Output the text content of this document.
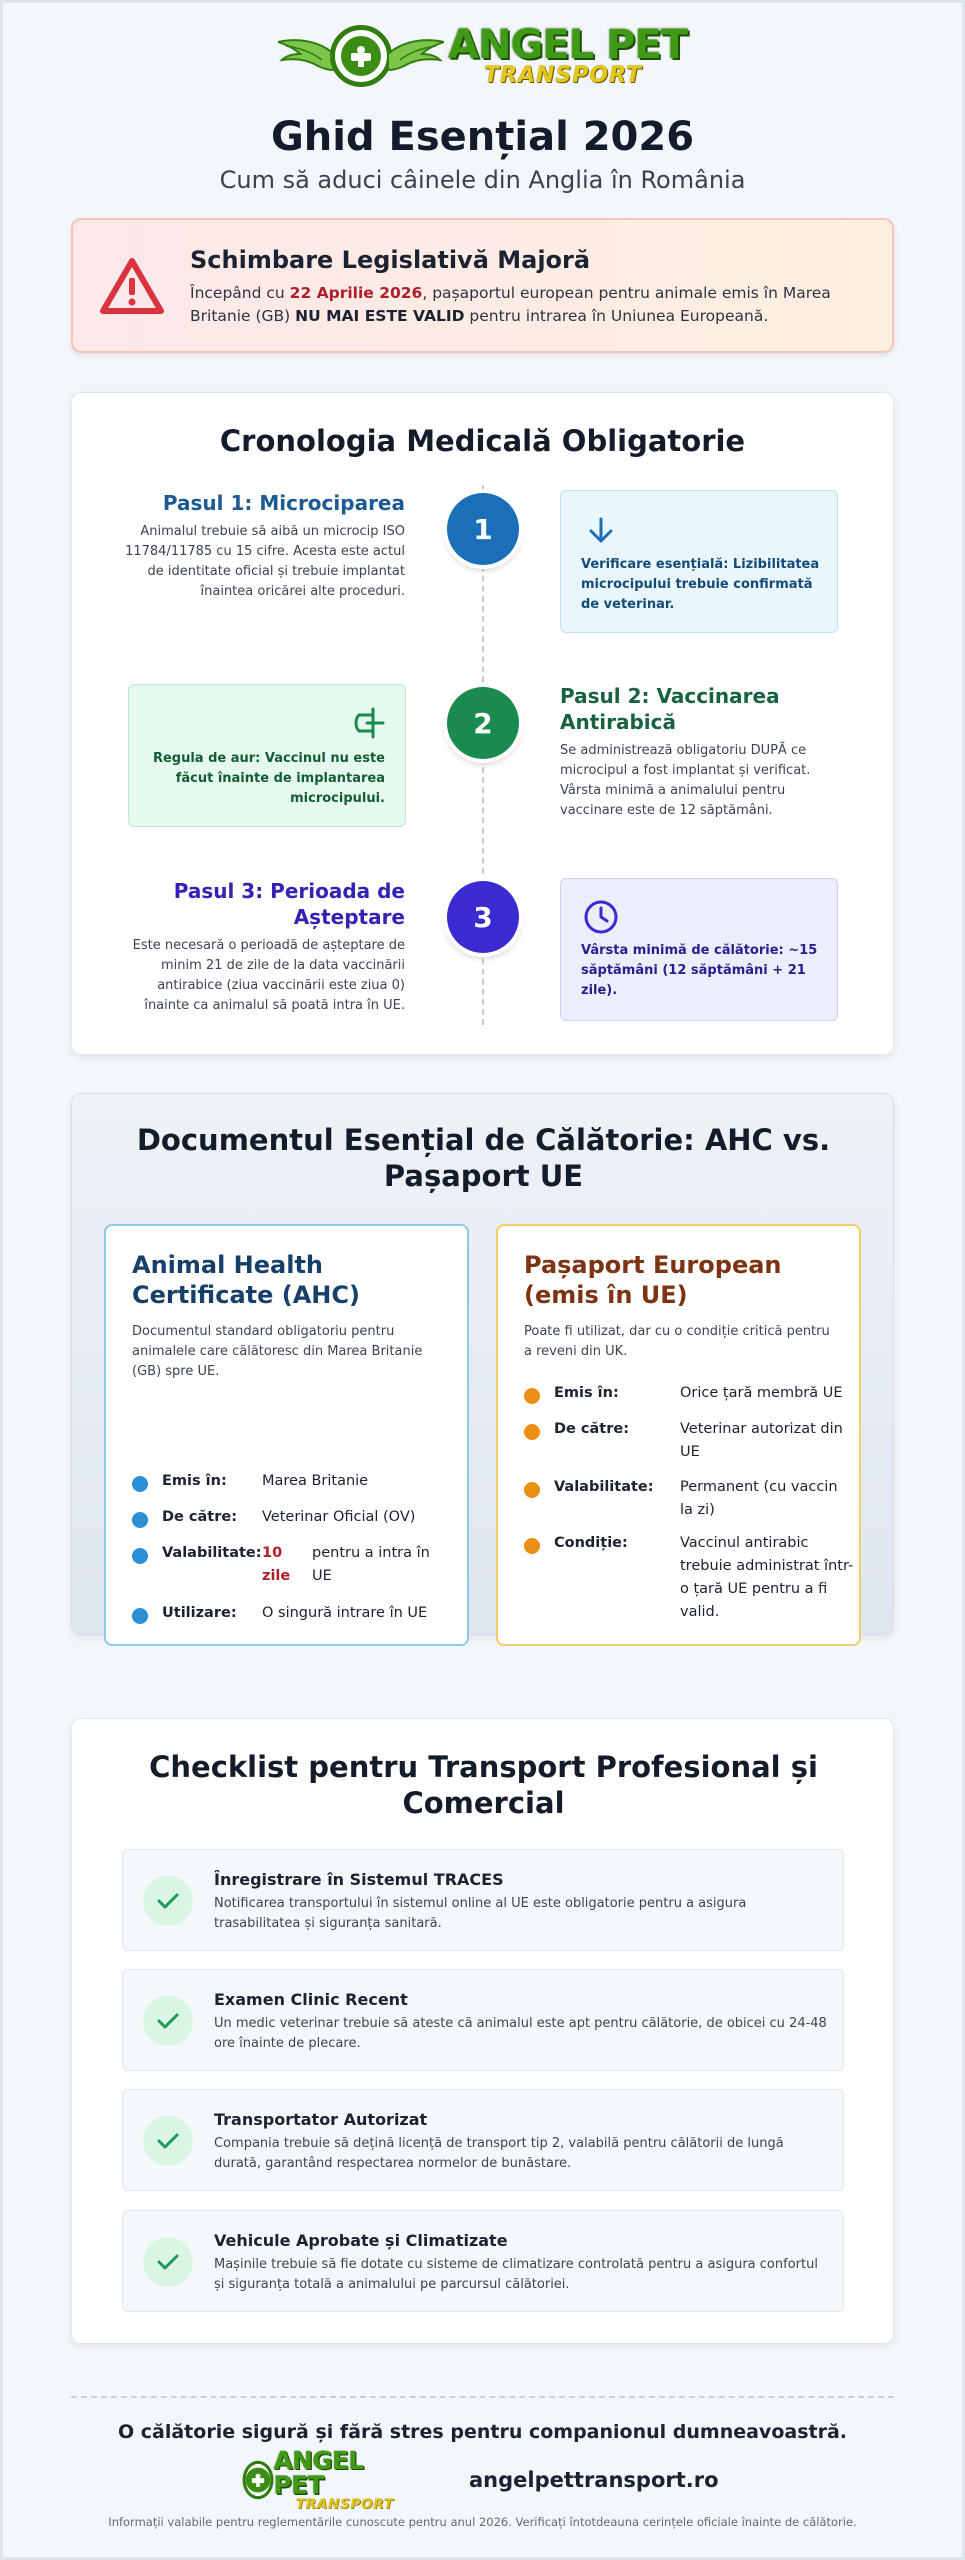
ANGEL PET
TRANSPORT
Ghid Esențial 2026
Cum să aduci câinele din Anglia în România
Schimbare Legislativă Majoră
Începând cu 22 Aprilie 2026, pașaportul european pentru animale emis în Marea Britanie (GB) NU MAI ESTE VALID pentru intrarea în Uniunea Europeană.
Cronologia Medicală Obligatorie
Pasul 1: Microciparea
Animalul trebuie să aibă un microcip ISO 11784/11785 cu 15 cifre. Acesta este actul de identitate oficial și trebuie implantat înaintea oricărei alte proceduri.
1
Verificare esențială: Lizibilitatea microcipului trebuie confirmată de veterinar.
Regula de aur: Vaccinul nu este făcut înainte de implantarea microcipului.
2
Pasul 2: Vaccinarea Antirabică
Se administrează obligatoriu DUPĂ ce microcipul a fost implantat și verificat. Vârsta minimă a animalului pentru vaccinare este de 12 săptămâni.
Pasul 3: Perioada de Așteptare
Este necesară o perioadă de așteptare de minim 21 de zile de la data vaccinării antirabice (ziua vaccinării este ziua 0) înainte ca animalul să poată intra în UE.
3
Vârsta minimă de călătorie: ~15 săptămâni (12 săptămâni + 21 zile).
Documentul Esențial de Călătorie: AHC vs. Pașaport UE
Animal Health Certificate (AHC)
Documentul standard obligatoriu pentru animalele care călătoresc din Marea Britanie (GB) spre UE.
Emis în: Marea Britanie
De către: Veterinar Oficial (OV)
Valabilitate: 10 zile
pentru a intra în UE
Utilizare: O singură intrare în UE
Pașaport European (emis în UE)
Poate fi utilizat, dar cu o condiție critică pentru a reveni din UK.
Emis în:	Orice țară membră UE
De către:	Veterinar autorizat din UE
Valabilitate: Permanent (cu vaccin la zi)
Condiție:	Vaccinul antirabic trebuie administrat într-o țară UE pentru a fi valid.
Checklist pentru Transport Profesional și Comercial
Înregistrare în Sistemul TRACES
Notificarea transportului în sistemul online al UE este obligatorie pentru a asigura trasabilitatea și siguranța sanitară.
Examen Clinic Recent
Un medic veterinar trebuie să ateste că animalul este apt pentru călătorie, de obicei cu 24-48 ore înainte de plecare.
Transportator Autorizat
Compania trebuie să dețină licență de transport tip 2, valabilă pentru călătorii de lungă durată, garantând respectarea normelor de bunăstare.
Vehicule Aprobate și Climatizate
Mașinile trebuie să fie dotate cu sisteme de climatizare controlată pentru a asigura confortul și siguranța totală a animalului pe parcursul călătoriei.
O călătorie sigură și fără stres pentru companionul dumneavoastră.
ANGEL PET
TRANSPORT
angelpettransport.ro
Informații valabile pentru reglementările cunoscute pentru anul 2026. Verificați întotdeauna cerințele oficiale înainte de călătorie.
